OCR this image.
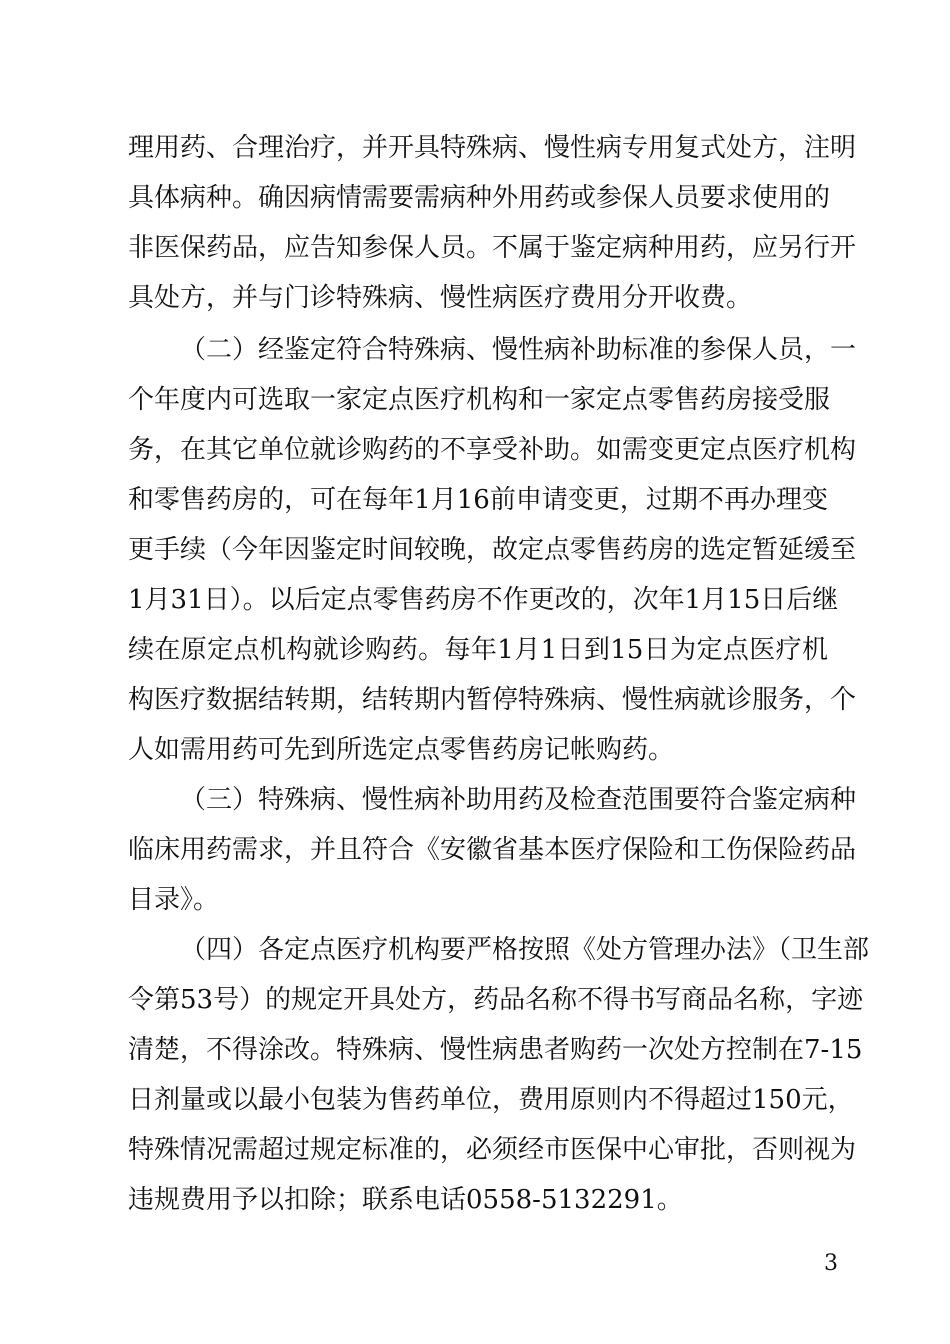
理用药、合理治疗，并开具特殊病、慢性病专用复式处方，注明
具体病种。确因病情需要需病种外用药或参保人员要求使用的
非医保药品，应告知参保人员。不属于鉴定病种用药，应另行开
具处方，并与门诊特殊病、慢性病医疗费用分开收费。
（二）经鉴定符合特殊病、慢性病补助标准的参保人员，一
个年度内可选取一家定点医疗机构和一家定点零售药房接受服
务，在其它单位就诊购药的不享受补助。如需变更定点医疗机构
和零售药房的，可在每年1月16前申请变更，过期不再办理变
更手续（今年因鉴定时间较晚，故定点零售药房的选定暂延缓至
1月31日）。以后定点零售药房不作更改的，次年1月15日后继
续在原定点机构就诊购药。每年1月1日到15日为定点医疗机
构医疗数据结转期，结转期内暂停特殊病、慢性病就诊服务，个
人如需用药可先到所选定点零售药房记帐购药。
（三）特殊病、慢性病补助用药及检查范围要符合鉴定病种
临床用药需求，并且符合《安徽省基本医疗保险和工伤保险药品
目录》。
（四）各定点医疗机构要严格按照《处方管理办法》（卫生部
令第53号）的规定开具处方，药品名称不得书写商品名称，字迹
清楚，不得涂改。特殊病、慢性病患者购药一次处方控制在7-15
日剂量或以最小包装为售药单位，费用原则内不得超过150元，
特殊情况需超过规定标准的，必须经市医保中心审批，否则视为
违规费用予以扣除；联系电话0558-5132291。
3
